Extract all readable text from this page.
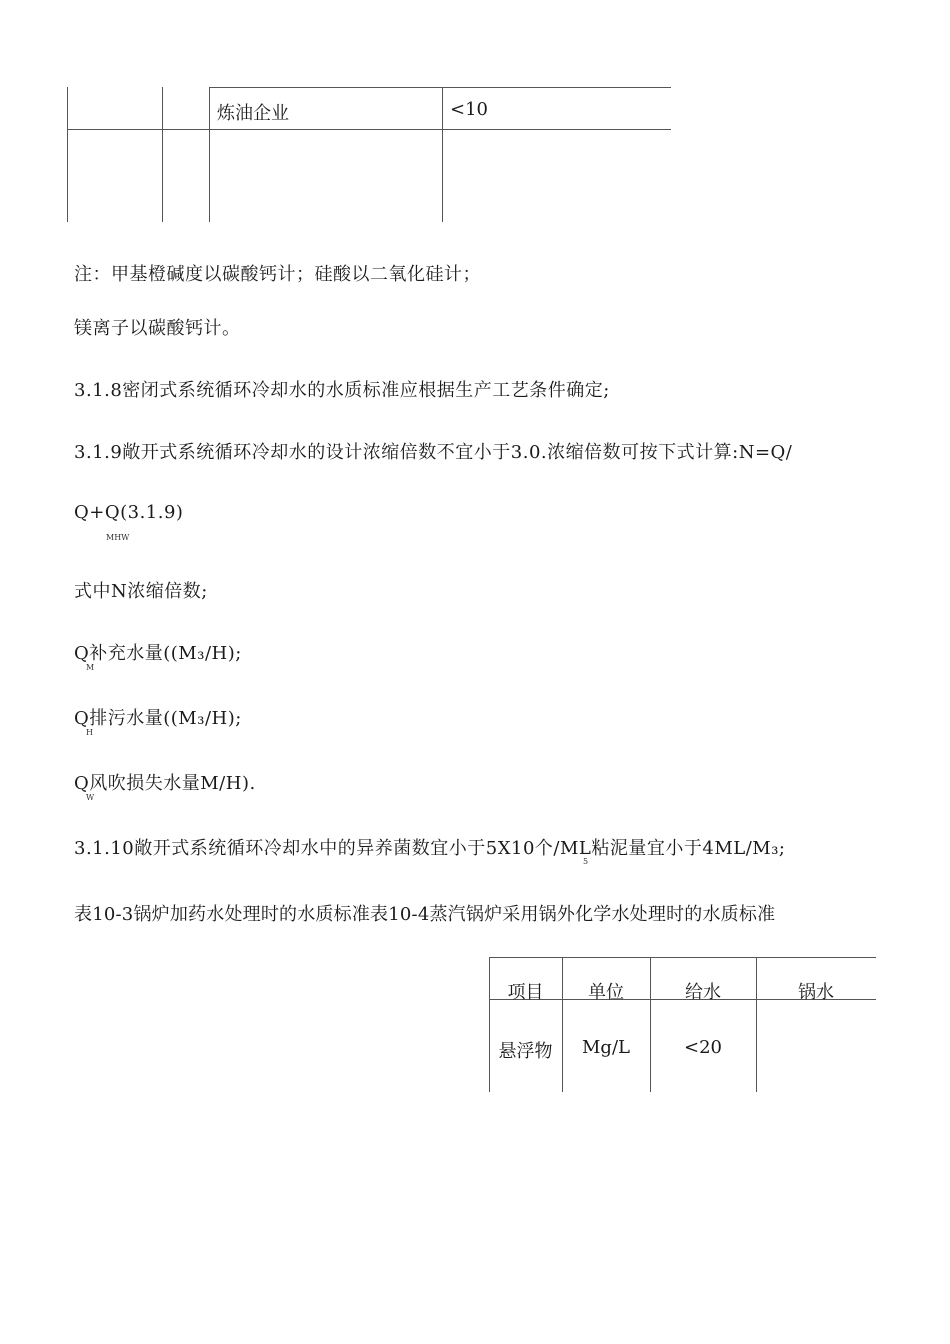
炼油企业	<10
注：甲基橙碱度以碳酸钙计；硅酸以二氧化硅计；
镁离子以碳酸钙计。
3.1.8密闭式系统循环冷却水的水质标准应根据生产工艺条件确定;
3.1.9敞开式系统循环冷却水的设计浓缩倍数不宜小于3.0.浓缩倍数可按下式计算:N=Q/
Q+Q(3.1.9)
MHW
式中N浓缩倍数;
Q补充水量((M₃/H);
M
Q排污水量((M₃/H);
H
Q风吹损失水量M/H).
W
3.1.10敞开式系统循环冷却水中的异养菌数宜小于5X10个/ML粘泥量宜小于4ML/M₃;
5
表10-3锅炉加药水处理时的水质标准表10-4蒸汽锅炉采用锅外化学水处理时的水质标准
项目	单位	给水	锅水
悬浮物	Mg/L	<20
